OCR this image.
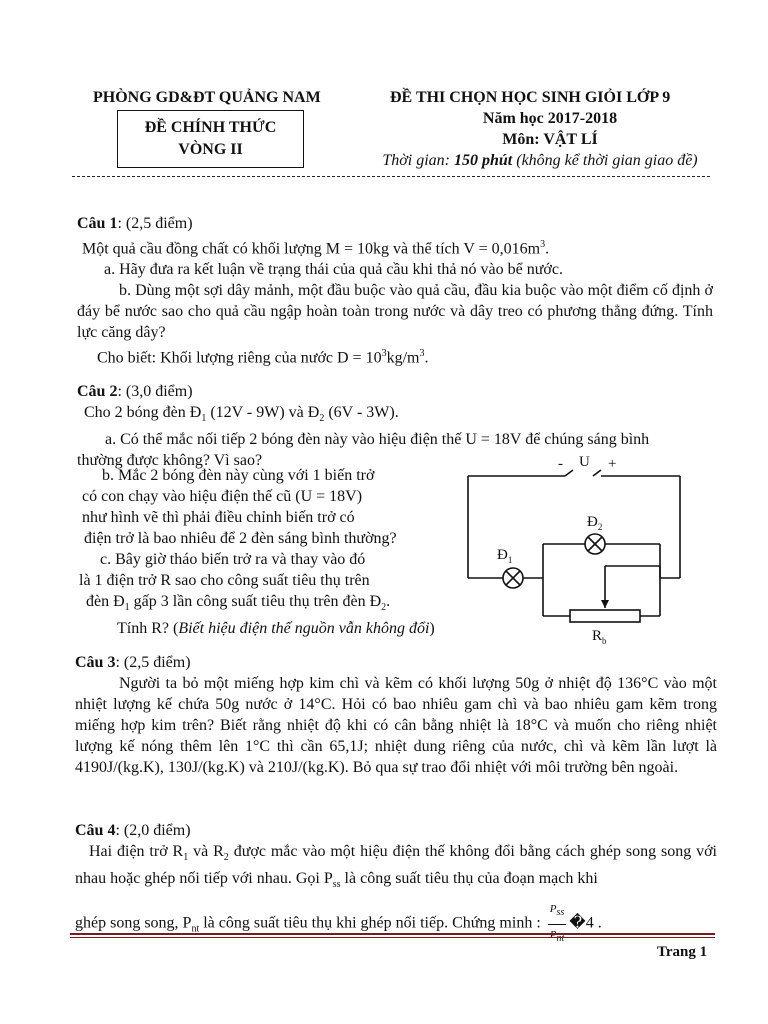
PHÒNG GD&ĐT QUẢNG NAM
ĐỀ CHÍNH THỨC
VÒNG II
ĐỀ THI CHỌN HỌC SINH GIỎI LỚP 9
Năm học 2017-2018
Môn: VẬT LÍ
Thời gian: 150 phút (không kể thời gian giao đề)
Câu 1: (2,5 điểm)
Một quả cầu đồng chất có khối lượng M = 10kg và thể tích $V = 0,016m^3$.
a. Hãy đưa ra kết luận về trạng thái của quả cầu khi thả nó vào bể nước.
b. Dùng một sợi dây mảnh, một đầu buộc vào quả cầu, đầu kia buộc vào một điểm cố định ở đáy bể nước sao cho quả cầu ngập hoàn toàn trong nước và dây treo có phương thẳng đứng. Tính lực căng dây?
Cho biết: Khối lượng riêng của nước $D = 10^3kg/m^3$.
Câu 2: (3,0 điểm)
Cho 2 bóng đèn $Đ_1$ (12V - 9W) và $Đ_2$ (6V - 3W).
a. Có thể mắc nối tiếp 2 bóng đèn này vào hiệu điện thế U = 18V để chúng sáng bình
thường được không? Vì sao?
b. Mắc 2 bóng đèn này cùng với 1 biến trở
có con chạy vào hiệu điện thế cũ (U = 18V)
như hình vẽ thì phải điều chỉnh biến trở có
điện trở là bao nhiêu để 2 đèn sáng bình thường?
c. Bây giờ tháo biến trở ra và thay vào đó
là 1 điện trở R sao cho công suất tiêu thụ trên
đèn $Đ_1$ gấp 3 lần công suất tiêu thụ trên đèn $Đ_2$.
Tính R? (Biết hiệu điện thế nguồn vẫn không đổi)
- U +
$Đ_1$
$Đ_2$
$R_b$
Câu 3: (2,5 điểm)
Người ta bỏ một miếng hợp kim chì và kẽm có khối lượng 50g ở nhiệt độ 136°C vào một nhiệt lượng kế chứa 50g nước ở 14°C. Hỏi có bao nhiêu gam chì và bao nhiêu gam kẽm trong miếng hợp kim trên? Biết rằng nhiệt độ khi có cân bằng nhiệt là 18°C và muốn cho riêng nhiệt lượng kế nóng thêm lên 1°C thì cần 65,1J; nhiệt dung riêng của nước, chì và kẽm lần lượt là 4190J/(kg.K), 130J/(kg.K) và 210J/(kg.K). Bỏ qua sự trao đổi nhiệt với môi trường bên ngoài.
Câu 4: (2,0 điểm)
Hai điện trở $R_1$ và $R_2$ được mắc vào một hiệu điện thế không đổi bằng cách ghép song song với nhau hoặc ghép nối tiếp với nhau. Gọi $P_{ss}$ là công suất tiêu thụ của đoạn mạch khi
ghép song song, $P_{nt}$ là công suất tiêu thụ khi ghép nối tiếp. Chứng minh : $\frac{P_{ss}}{P_{nt}}$ �4 .
Trang 1
